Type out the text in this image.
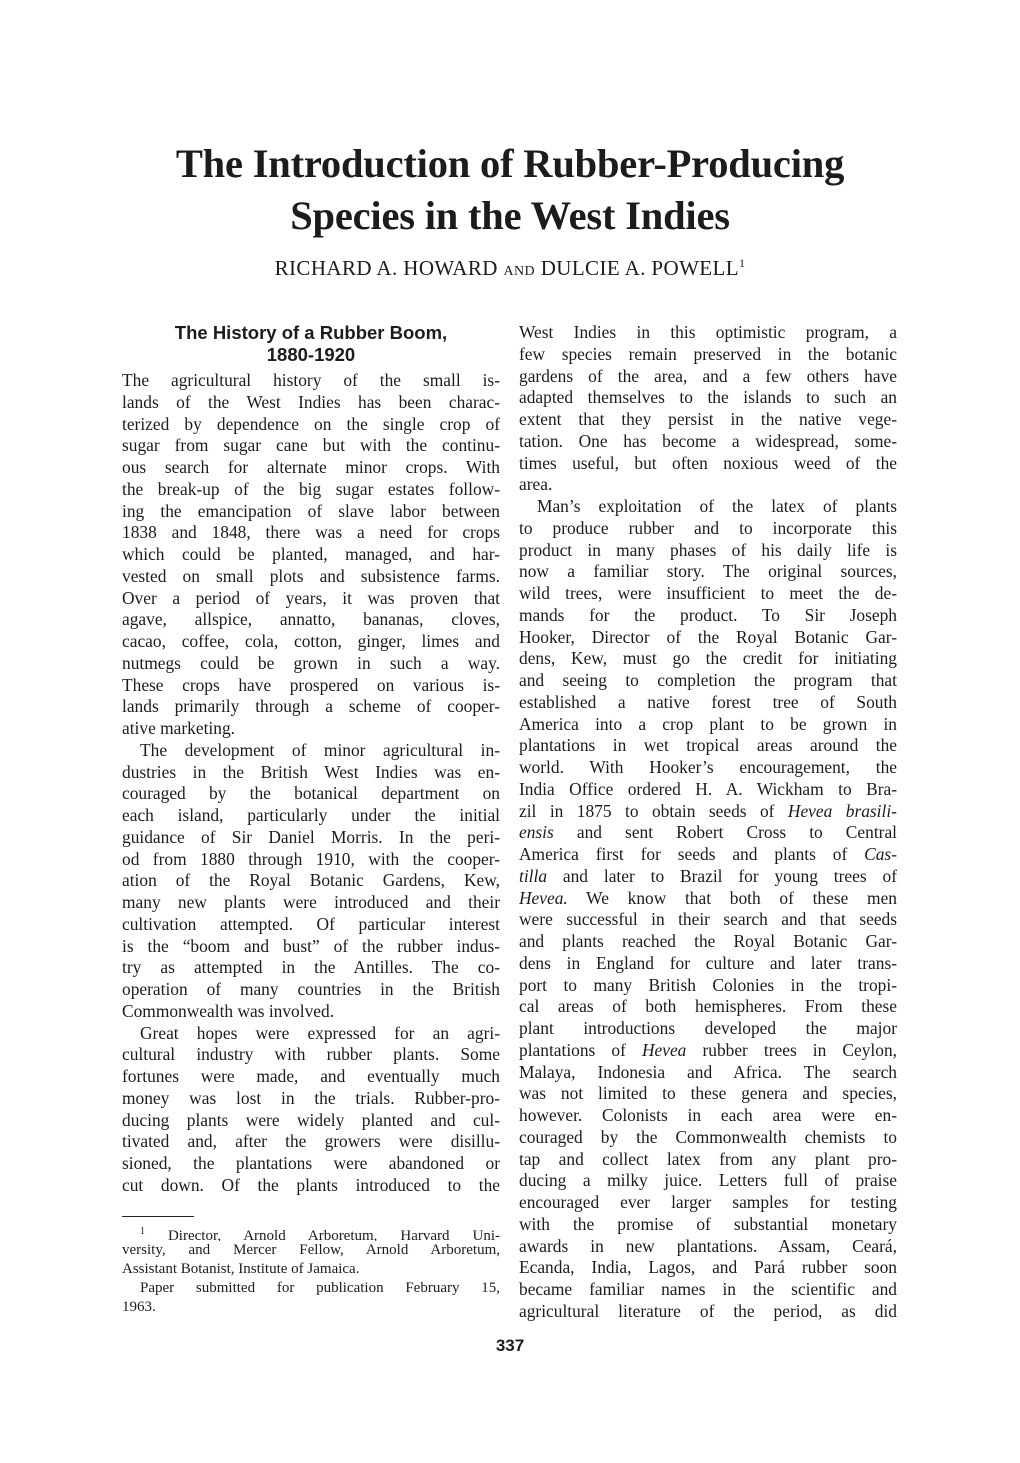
The Introduction of Rubber-Producing
Species in the West Indies
RICHARD A. HOWARD AND DULCIE A. POWELL$^1$
The History of a Rubber Boom,
1880-1920
The agricultural history of the small is-
lands of the West Indies has been charac-
terized by dependence on the single crop of
sugar from sugar cane but with the continu-
ous search for alternate minor crops. With
the break-up of the big sugar estates follow-
ing the emancipation of slave labor between
1838 and 1848, there was a need for crops
which could be planted, managed, and har-
vested on small plots and subsistence farms.
Over a period of years, it was proven that
agave, allspice, annatto, bananas, cloves,
cacao, coffee, cola, cotton, ginger, limes and
nutmegs could be grown in such a way.
These crops have prospered on various is-
lands primarily through a scheme of cooper-
ative marketing.
The development of minor agricultural in-
dustries in the British West Indies was en-
couraged by the botanical department on
each island, particularly under the initial
guidance of Sir Daniel Morris. In the peri-
od from 1880 through 1910, with the cooper-
ation of the Royal Botanic Gardens, Kew,
many new plants were introduced and their
cultivation attempted. Of particular interest
is the “boom and bust” of the rubber indus-
try as attempted in the Antilles. The co-
operation of many countries in the British
Commonwealth was involved.
Great hopes were expressed for an agri-
cultural industry with rubber plants. Some
fortunes were made, and eventually much
money was lost in the trials. Rubber-pro-
ducing plants were widely planted and cul-
tivated and, after the growers were disillu-
sioned, the plantations were abandoned or
cut down. Of the plants introduced to the
West Indies in this optimistic program, a
few species remain preserved in the botanic
gardens of the area, and a few others have
adapted themselves to the islands to such an
extent that they persist in the native vege-
tation. One has become a widespread, some-
times useful, but often noxious weed of the
area.
Man’s exploitation of the latex of plants
to produce rubber and to incorporate this
product in many phases of his daily life is
now a familiar story. The original sources,
wild trees, were insufficient to meet the de-
mands for the product. To Sir Joseph
Hooker, Director of the Royal Botanic Gar-
dens, Kew, must go the credit for initiating
and seeing to completion the program that
established a native forest tree of South
America into a crop plant to be grown in
plantations in wet tropical areas around the
world. With Hooker’s encouragement, the
India Office ordered H. A. Wickham to Bra-
zil in 1875 to obtain seeds of Hevea brasili-
ensis and sent Robert Cross to Central
America first for seeds and plants of Cas-
tilla and later to Brazil for young trees of
Hevea. We know that both of these men
were successful in their search and that seeds
and plants reached the Royal Botanic Gar-
dens in England for culture and later trans-
port to many British Colonies in the tropi-
cal areas of both hemispheres. From these
plant introductions developed the major
plantations of Hevea rubber trees in Ceylon,
Malaya, Indonesia and Africa. The search
was not limited to these genera and species,
however. Colonists in each area were en-
couraged by the Commonwealth chemists to
tap and collect latex from any plant pro-
ducing a milky juice. Letters full of praise
encouraged ever larger samples for testing
with the promise of substantial monetary
awards in new plantations. Assam, Ceará,
Ecanda, India, Lagos, and Pará rubber soon
became familiar names in the scientific and
agricultural literature of the period, as did
$^1$ Director, Arnold Arboretum, Harvard Uni-
versity, and Mercer Fellow, Arnold Arboretum,
Assistant Botanist, Institute of Jamaica.
Paper submitted for publication February 15,
1963.
337
